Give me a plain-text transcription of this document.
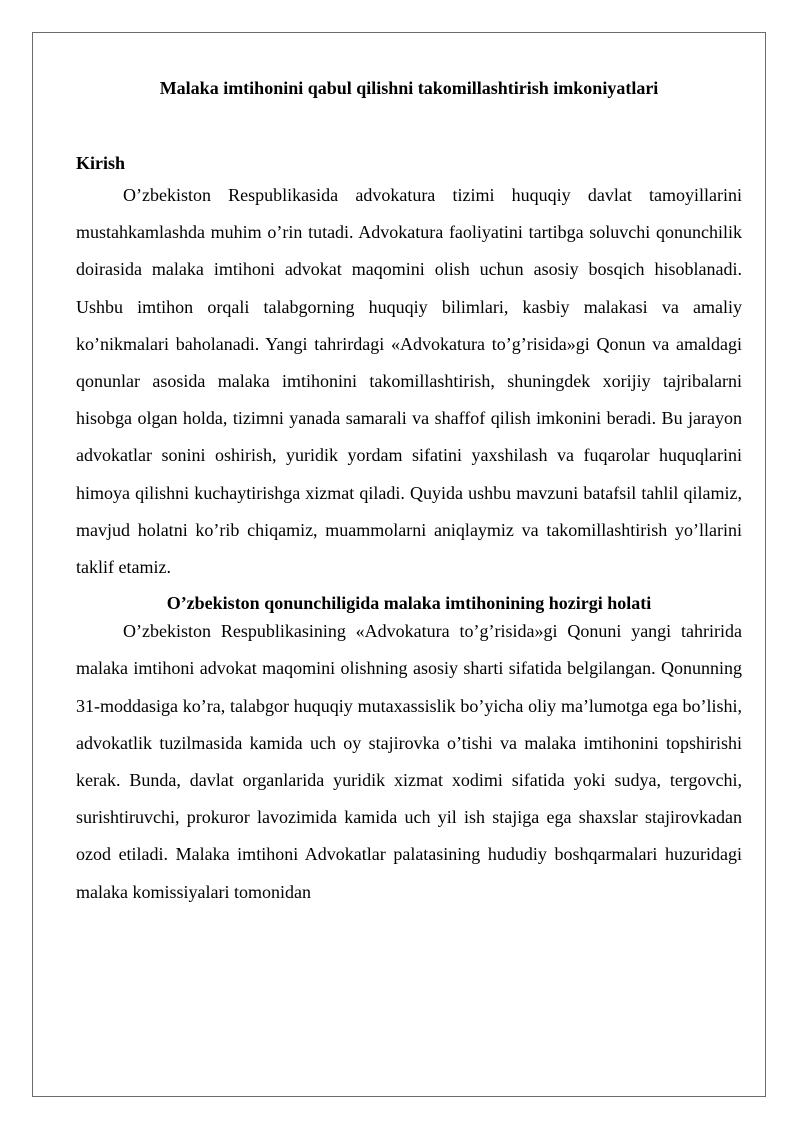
Malaka imtihonini qabul qilishni takomillashtirish imkoniyatlari
Kirish

O’zbekiston Respublikasida advokatura tizimi huquqiy davlat tamoyillarini mustahkamlashda muhim o’rin tutadi. Advokatura faoliyatini tartibga soluvchi qonunchilik doirasida malaka imtihoni advokat maqomini olish uchun asosiy bosqich hisoblanadi. Ushbu imtihon orqali talabgorning huquqiy bilimlari, kasbiy malakasi va amaliy ko’nikmalari baholanadi. Yangi tahrirdagi «Advokatura to’g’risida»gi Qonun va amaldagi qonunlar asosida malaka imtihonini takomillashtirish, shuningdek xorijiy tajribalarni hisobga olgan holda, tizimni yanada samarali va shaffof qilish imkonini beradi. Bu jarayon advokatlar sonini oshirish, yuridik yordam sifatini yaxshilash va fuqarolar huquqlarini himoya qilishni kuchaytirishga xizmat qiladi. Quyida ushbu mavzuni batafsil tahlil qilamiz, mavjud holatni ko’rib chiqamiz, muammolarni aniqlaymiz va takomillashtirish yo’llarini taklif etamiz.

O’zbekiston qonunchiligida malaka imtihonining hozirgi holati

O’zbekiston Respublikasining «Advokatura to’g’risida»gi Qonuni yangi tahririda malaka imtihoni advokat maqomini olishning asosiy sharti sifatida belgilangan. Qonunning 31-moddasiga ko’ra, talabgor huquqiy mutaxassislik bo’yicha oliy ma’lumotga ega bo’lishi, advokatlik tuzilmasida kamida uch oy stajirovka o’tishi va malaka imtihonini topshirishi kerak. Bunda, davlat organlarida yuridik xizmat xodimi sifatida yoki sudya, tergovchi, surishtiruvchi, prokuror lavozimida kamida uch yil ish stajiga ega shaxslar stajirovkadan ozod etiladi. Malaka imtihoni Advokatlar palatasining hududiy boshqarmalari huzuridagi malaka komissiyalari tomonidan
